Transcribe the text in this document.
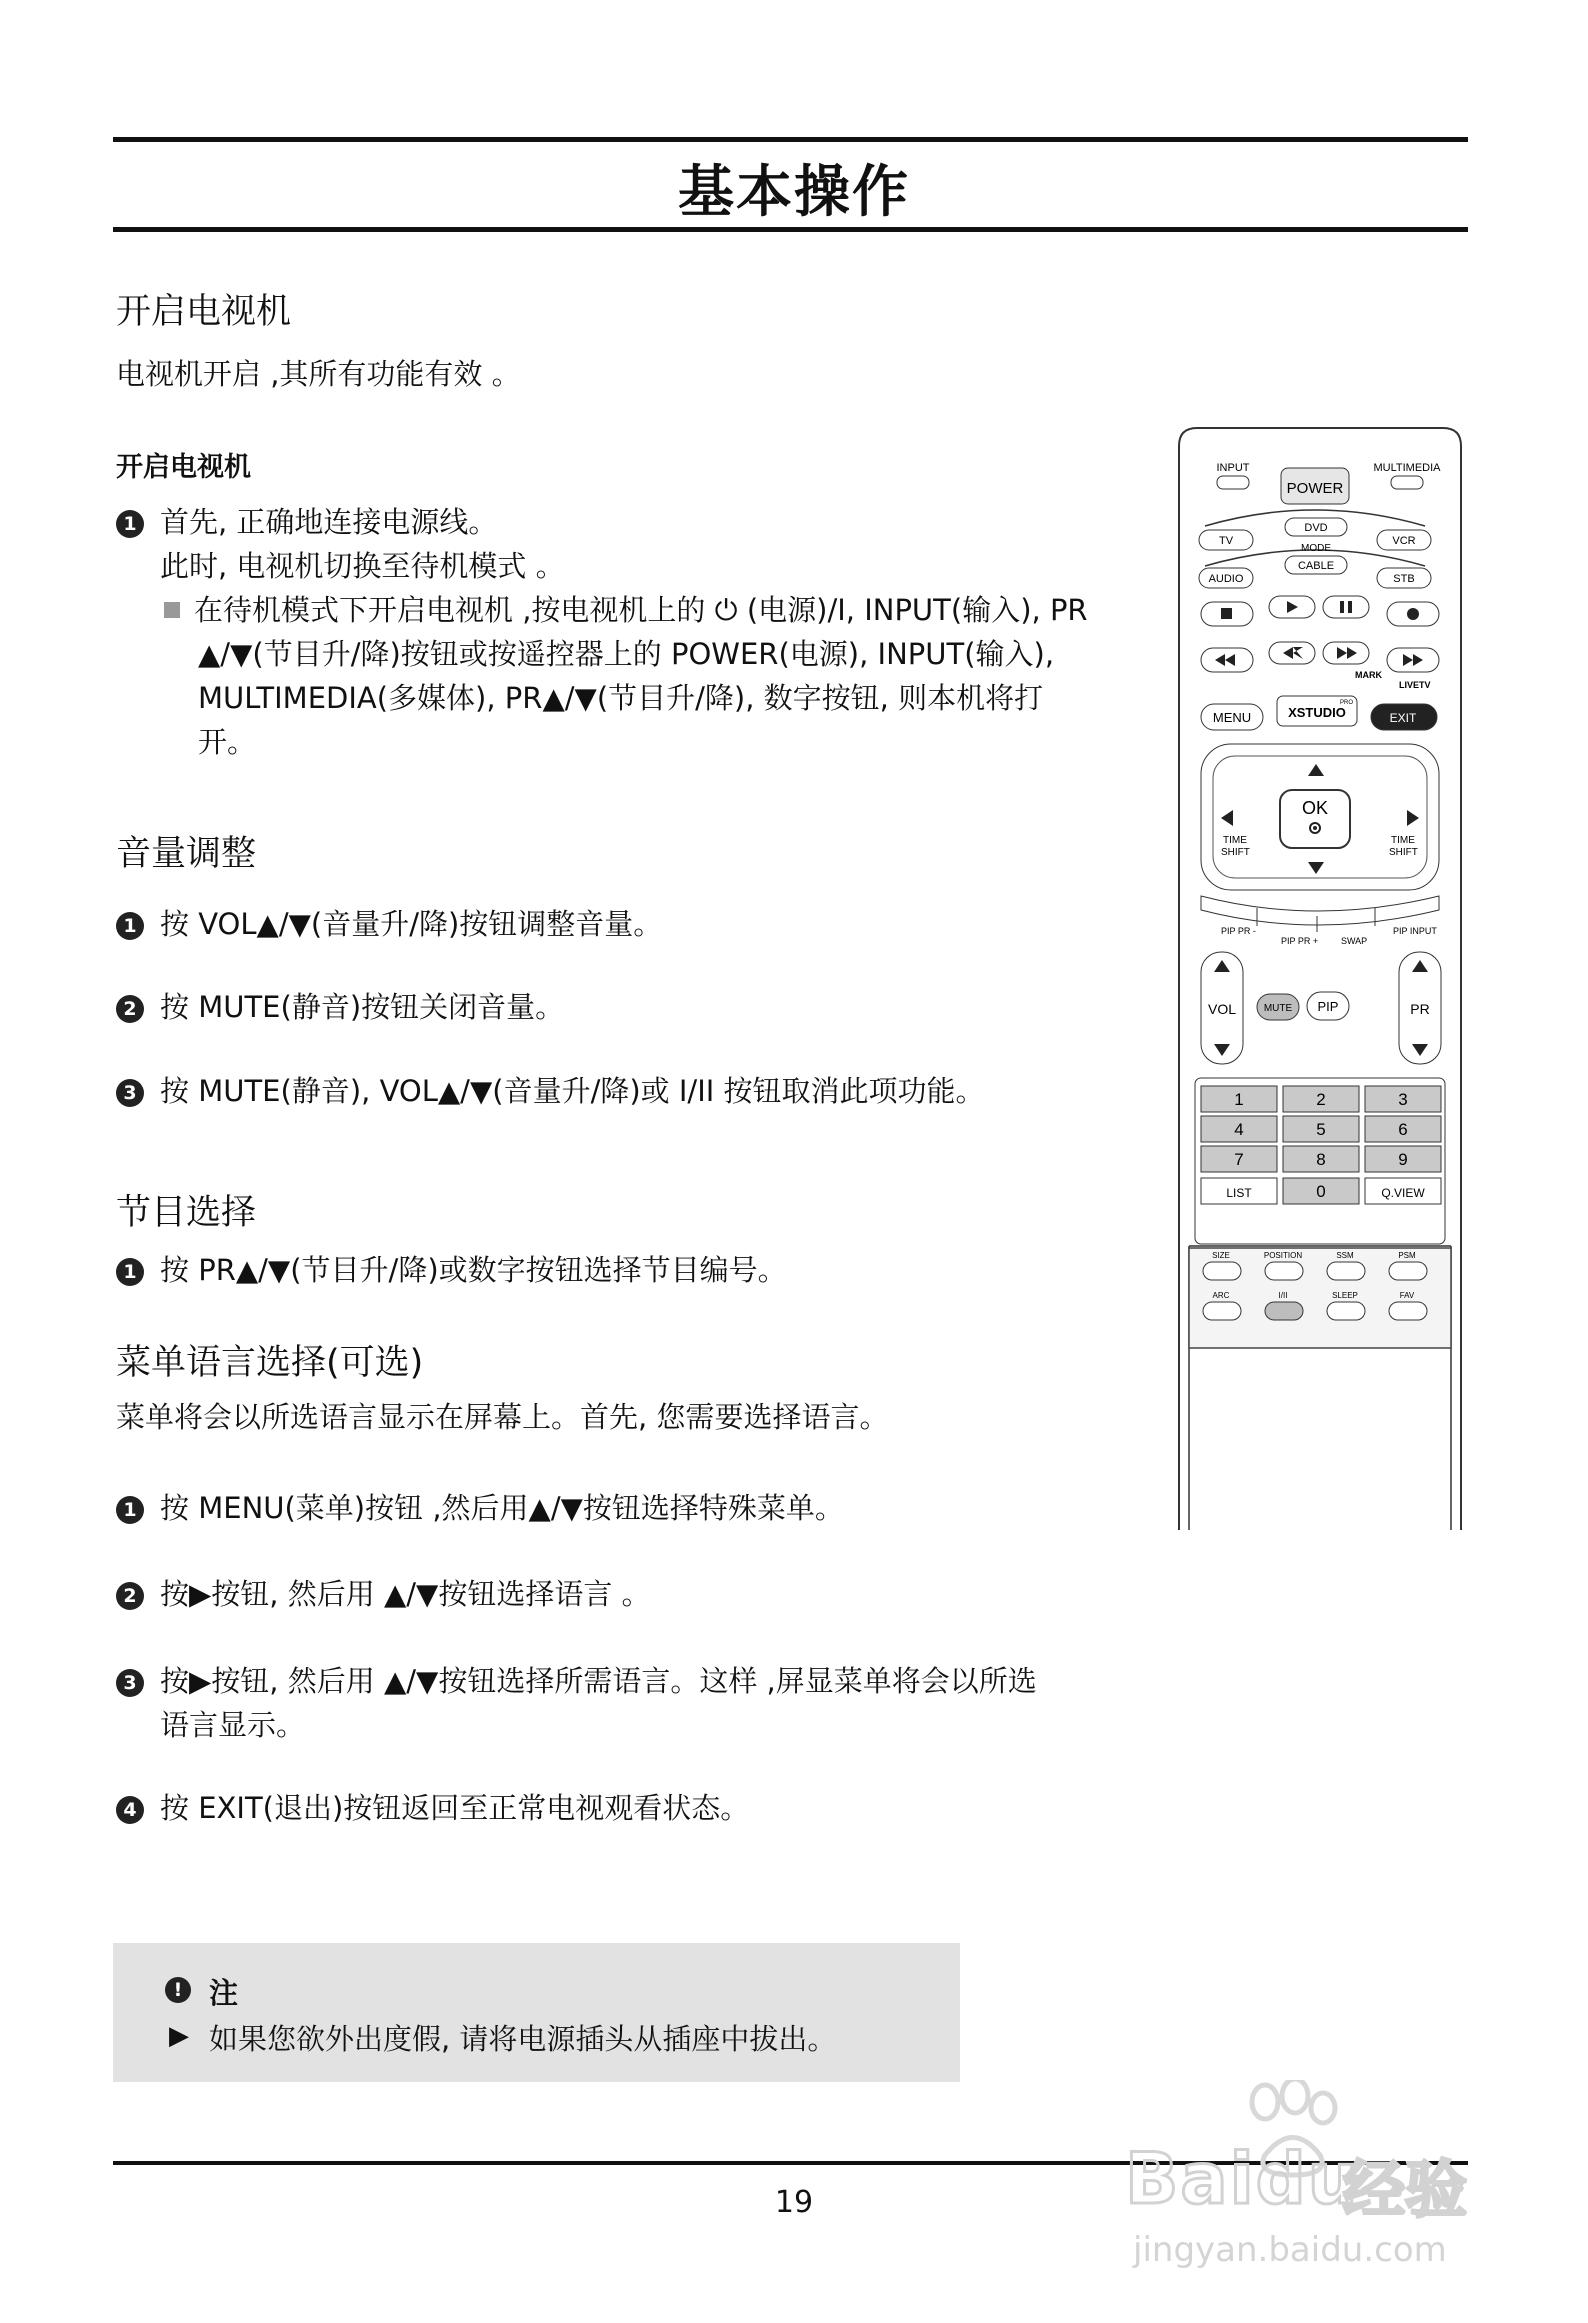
基本操作
开启电视机
电视机开启 ,其所有功能有效 。
开启电视机
1 首先, 正确地连接电源线。
此时, 电视机切换至待机模式 。
在待机模式下开启电视机 ,按电视机上的 ⏻ (电源)/I, INPUT(输入), PR
▲/▼(节目升/降)按钮或按遥控器上的 POWER(电源), INPUT(输入),
MULTIMEDIA(多媒体), PR▲/▼(节目升/降), 数字按钮, 则本机将打
开。
音量调整
1 按 VOL▲/▼(音量升/降)按钮调整音量。
2 按 MUTE(静音)按钮关闭音量。
3 按 MUTE(静音), VOL▲/▼(音量升/降)或 I/II 按钮取消此项功能。
节目选择
1 按 PR▲/▼(节目升/降)或数字按钮选择节目编号。
菜单语言选择(可选)
菜单将会以所选语言显示在屏幕上。首先, 您需要选择语言。
1 按 MENU(菜单)按钮 ,然后用▲/▼按钮选择特殊菜单。
2 按▶按钮, 然后用 ▲/▼按钮选择语言 。
3 按▶按钮, 然后用 ▲/▼按钮选择所需语言。这样 ,屏显菜单将会以所选
语言显示。
4 按 EXIT(退出)按钮返回至正常电视观看状态。
! 注
▶ 如果您欲外出度假, 请将电源插头从插座中拔出。
19	Baidu
经验
jingyan.baidu.com
INPUT	MULTIMEDIA
POWER
TV
DVD
VCR
MODE
AUDIO
CABLE
STB
MARK
LIVETV
MENU	XSTUDIO
PRO
EXIT
OK
TIME
SHIFT
TIME
SHIFT
PIP PR -
PIP PR +	SWAP
PIP INPUT
VOL	PR
MUTE PIP
1	2	3
4	5	6
7	8	9
LIST	0	Q.VIEW
SIZE	POSITION	SSM	PSM
ARC	I/II	SLEEP	FAV
